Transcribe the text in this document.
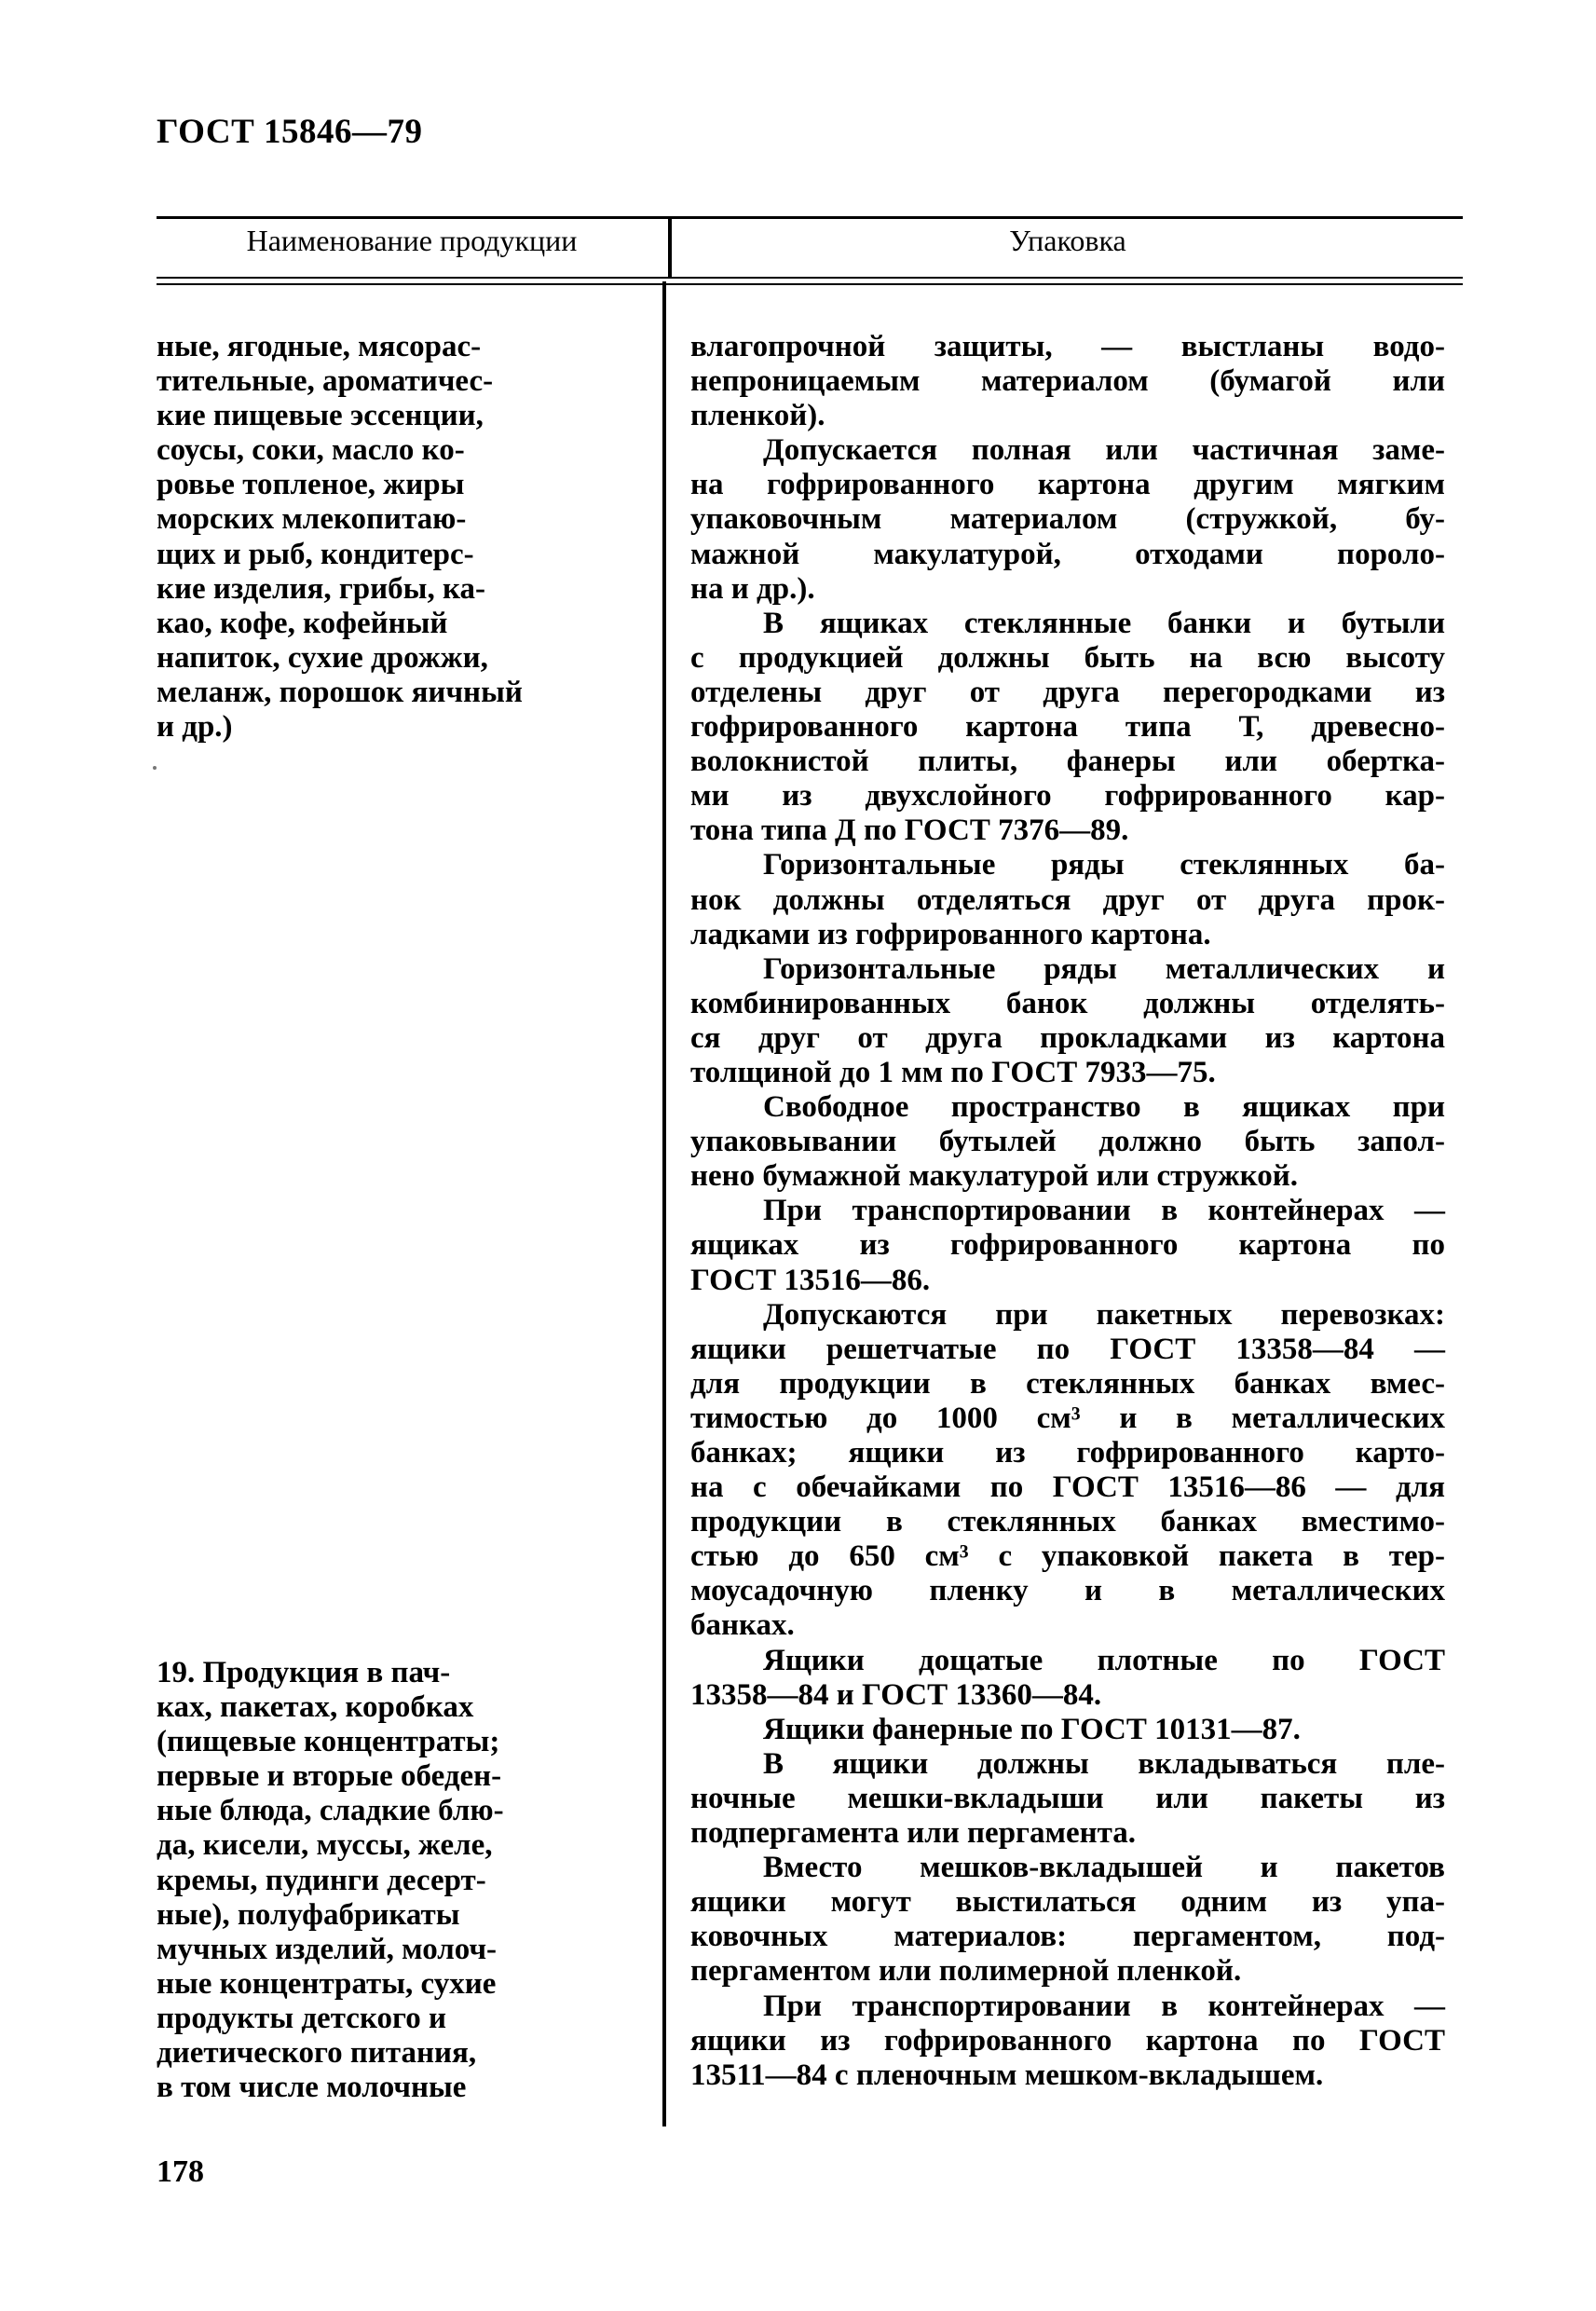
ГОСТ 15846—79
Наименование продукции	Упаковка
ные, ягодные, мясорас-
тительные, ароматичес-
кие пищевые эссенции,
соусы, соки, масло ко-
ровье топленое, жиры
морских млекопитаю-
щих и рыб, кондитерс-
кие изделия, грибы, ка-
као, кофе, кофейный
напиток, сухие дрожжи,
меланж, порошок яичный
и др.)
19. Продукция в пач-
ках, пакетах, коробках
(пищевые концентраты;
первые и вторые обеден-
ные блюда, сладкие блю-
да, кисели, муссы, желе,
кремы, пудинги десерт-
ные), полуфабрикаты
мучных изделий, молоч-
ные концентраты, сухие
продукты детского и
диетического питания,
в том числе молочные
влагопрочной защиты, — выстланы водо-
непроницаемым материалом (бумагой или
пленкой).
Допускается полная или частичная заме-
на гофрированного картона другим мягким
упаковочным материалом (стружкой, бу-
мажной макулатурой, отходами пороло-
на и др.).
В ящиках стеклянные банки и бутыли
с продукцией должны быть на всю высоту
отделены друг от друга перегородками из
гофрированного картона типа Т, древесно-
волокнистой плиты, фанеры или обертка-
ми из двухслойного гофрированного кар-
тона типа Д по ГОСТ 7376—89.
Горизонтальные ряды стеклянных ба-
нок должны отделяться друг от друга прок-
ладками из гофрированного картона.
Горизонтальные ряды металлических и
комбинированных банок должны отделять-
ся друг от друга прокладками из картона
толщиной до 1 мм по ГОСТ 7933—75.
Свободное пространство в ящиках при
упаковывании бутылей должно быть запол-
нено бумажной макулатурой или стружкой.
При транспортировании в контейнерах —
ящиках из гофрированного картона по
ГОСТ 13516—86.
Допускаются при пакетных перевозках:
ящики решетчатые по ГОСТ 13358—84 —
для продукции в стеклянных банках вмес-
тимостью до 1000 см³ и в металлических
банках; ящики из гофрированного карто-
на с обечайками по ГОСТ 13516—86 — для
продукции в стеклянных банках вместимо-
стью до 650 см³ с упаковкой пакета в тер-
моусадочную пленку и в металлических
банках.
Ящики дощатые плотные по ГОСТ
13358—84 и ГОСТ 13360—84.
Ящики фанерные по ГОСТ 10131—87.
В ящики должны вкладываться пле-
ночные мешки-вкладыши или пакеты из
подпергамента или пергамента.
Вместо мешков-вкладышей и пакетов
ящики могут выстилаться одним из упа-
ковочных материалов: пергаментом, под-
пергаментом или полимерной пленкой.
При транспортировании в контейнерах —
ящики из гофрированного картона по ГОСТ
13511—84 с пленочным мешком-вкладышем.
178
